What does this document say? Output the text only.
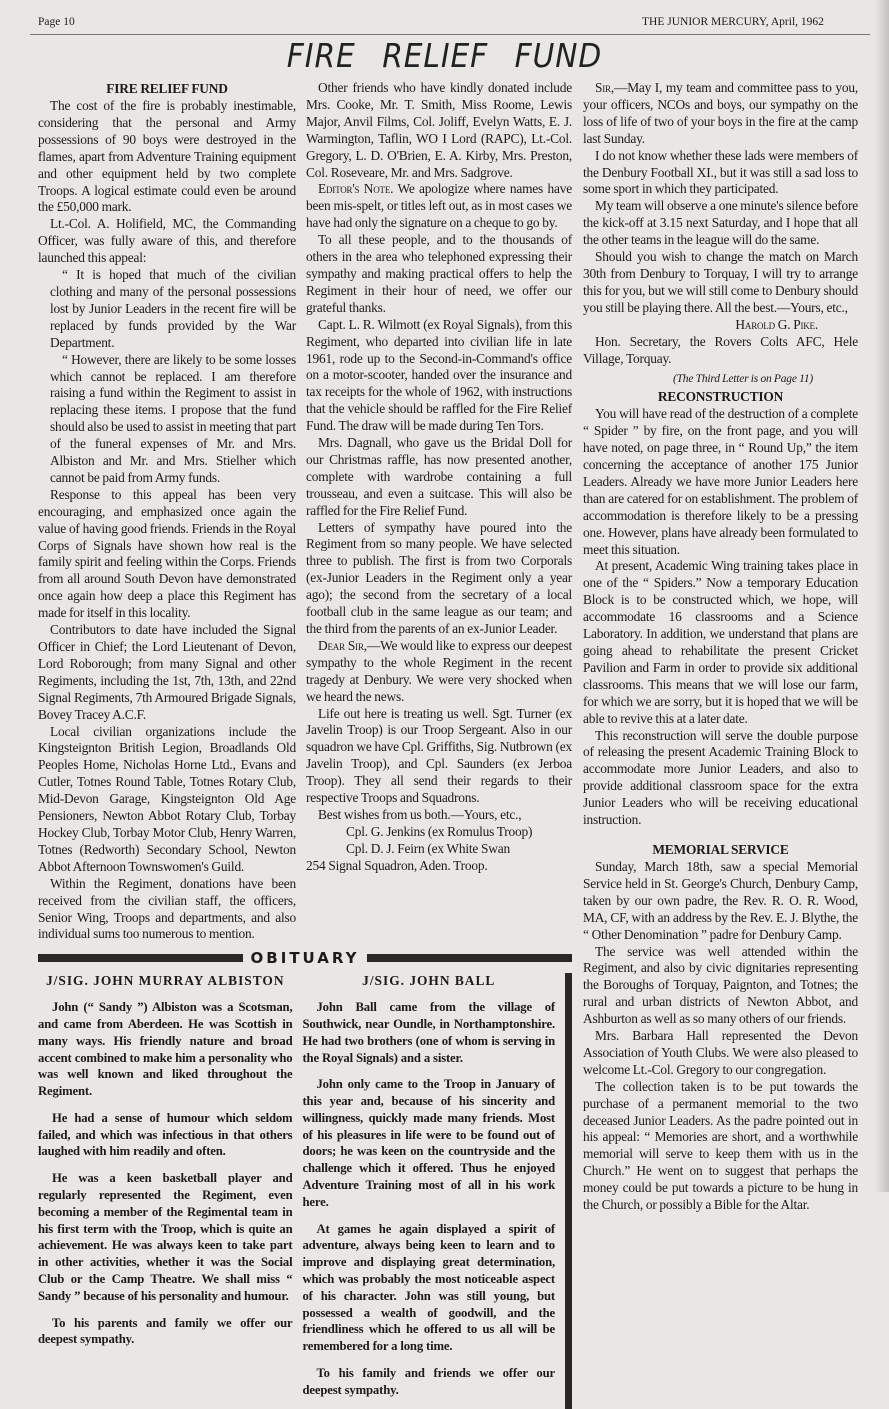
Page 10	THE JUNIOR MERCURY, April, 1962
FIRE RELIEF FUND
FIRE RELIEF FUND

The cost of the fire is probably inestimable, considering that the personal and Army possessions of 90 boys were destroyed in the flames, apart from Adventure Training equipment and other equipment held by two complete Troops. A logical estimate could even be around the £50,000 mark.

Lt.-Col. A. Holifield, MC, the Commanding Officer, was fully aware of this, and therefore launched this appeal:

“ It is hoped that much of the civilian clothing and many of the personal possessions lost by Junior Leaders in the recent fire will be replaced by funds provided by the War Department.

“ However, there are likely to be some losses which cannot be replaced. I am therefore raising a fund within the Regiment to assist in replacing these items. I propose that the fund should also be used to assist in meeting that part of the funeral expenses of Mr. and Mrs. Albiston and Mr. and Mrs. Stielher which cannot be paid from Army funds.

Response to this appeal has been very encouraging, and emphasized once again the value of having good friends. Friends in the Royal Corps of Signals have shown how real is the family spirit and feeling within the Corps. Friends from all around South Devon have demonstrated once again how deep a place this Regiment has made for itself in this locality.

Contributors to date have included the Signal Officer in Chief; the Lord Lieutenant of Devon, Lord Roborough; from many Signal and other Regiments, including the 1st, 7th, 13th, and 22nd Signal Regiments, 7th Armoured Brigade Signals, Bovey Tracey A.C.F.

Local civilian organizations include the Kingsteignton British Legion, Broadlands Old Peoples Home, Nicholas Horne Ltd., Evans and Cutler, Totnes Round Table, Totnes Rotary Club, Mid-Devon Garage, Kingsteignton Old Age Pensioners, Newton Abbot Rotary Club, Torbay Hockey Club, Torbay Motor Club, Henry Warren, Totnes (Redworth) Secondary School, Newton Abbot Afternoon Townswomen's Guild.

Within the Regiment, donations have been received from the civilian staff, the officers, Senior Wing, Troops and departments, and also individual sums too numerous to mention.

Other friends who have kindly donated include Mrs. Cooke, Mr. T. Smith, Miss Roome, Lewis Major, Anvil Films, Col. Joliff, Evelyn Watts, E. J. Warmington, Taflin, WO I Lord (RAPC), Lt.-Col. Gregory, L. D. O'Brien, E. A. Kirby, Mrs. Preston, Col. Roseveare, Mr. and Mrs. Sadgrove.

Editor's Note. We apologize where names have been mis-spelt, or titles left out, as in most cases we have had only the signature on a cheque to go by.

To all these people, and to the thousands of others in the area who telephoned expressing their sympathy and making practical offers to help the Regiment in their hour of need, we offer our grateful thanks.

Capt. L. R. Wilmott (ex Royal Signals), from this Regiment, who departed into civilian life in late 1961, rode up to the Second-in-Command's office on a motor-scooter, handed over the insurance and tax receipts for the whole of 1962, with instructions that the vehicle should be raffled for the Fire Relief Fund. The draw will be made during Ten Tors.

Mrs. Dagnall, who gave us the Bridal Doll for our Christmas raffle, has now presented another, complete with wardrobe containing a full trousseau, and even a suitcase. This will also be raffled for the Fire Relief Fund.

Letters of sympathy have poured into the Regiment from so many people. We have selected three to publish. The first is from two Corporals (ex-Junior Leaders in the Regiment only a year ago); the second from the secretary of a local football club in the same league as our team; and the third from the parents of an ex-Junior Leader.

Dear Sir,—We would like to express our deepest sympathy to the whole Regiment in the recent tragedy at Denbury. We were very shocked when we heard the news.

Life out here is treating us well. Sgt. Turner (ex Javelin Troop) is our Troop Sergeant. Also in our squadron we have Cpl. Griffiths, Sig. Nutbrown (ex Javelin Troop), and Cpl. Saunders (ex Jerboa Troop). They all send their regards to their respective Troops and Squadrons.

Best wishes from us both.—Yours, etc.,

Cpl. G. Jenkins (ex Romulus Troop)

Cpl. D. J. Feirn (ex White Swan

254 Signal Squadron, Aden. Troop.

OBITUARY
J/SIG. JOHN MURRAY ALBISTON

John (“ Sandy ”) Albiston was a Scotsman, and came from Aberdeen. He was Scottish in many ways. His friendly nature and broad accent combined to make him a personality who was well known and liked throughout the Regiment.

He had a sense of humour which seldom failed, and which was infectious in that others laughed with him readily and often.

He was a keen basketball player and regularly represented the Regiment, even becoming a member of the Regimental team in his first term with the Troop, which is quite an achievement. He was always keen to take part in other activities, whether it was the Social Club or the Camp Theatre. We shall miss “ Sandy ” because of his personality and humour.

To his parents and family we offer our deepest sympathy.

J/SIG. JOHN BALL

John Ball came from the village of Southwick, near Oundle, in Northamptonshire. He had two brothers (one of whom is serving in the Royal Signals) and a sister.

John only came to the Troop in January of this year and, because of his sincerity and willingness, quickly made many friends. Most of his pleasures in life were to be found out of doors; he was keen on the countryside and the challenge which it offered. Thus he enjoyed Adventure Training most of all in his work here.

At games he again displayed a spirit of adventure, always being keen to learn and to improve and displaying great determination, which was probably the most noticeable aspect of his character. John was still young, but possessed a wealth of goodwill, and the friendliness which he offered to us all will be remembered for a long time.

To his family and friends we offer our deepest sympathy.

Sir,—May I, my team and committee pass to you, your officers, NCOs and boys, our sympathy on the loss of life of two of your boys in the fire at the camp last Sunday.

I do not know whether these lads were members of the Denbury Football XI., but it was still a sad loss to some sport in which they participated.

My team will observe a one minute's silence before the kick-off at 3.15 next Saturday, and I hope that all the other teams in the league will do the same.

Should you wish to change the match on March 30th from Denbury to Torquay, I will try to arrange this for you, but we will still come to Denbury should you still be playing there. All the best.—Yours, etc.,

Harold G. Pike.

Hon. Secretary, the Rovers Colts AFC, Hele Village, Torquay.

(The Third Letter is on Page 11)

RECONSTRUCTION

You will have read of the destruction of a complete “ Spider ” by fire, on the front page, and you will have noted, on page three, in “ Round Up,” the item concerning the acceptance of another 175 Junior Leaders. Already we have more Junior Leaders here than are catered for on establishment. The problem of accommodation is therefore likely to be a pressing one. However, plans have already been formulated to meet this situation.

At present, Academic Wing training takes place in one of the “ Spiders.” Now a temporary Education Block is to be constructed which, we hope, will accommodate 16 classrooms and a Science Laboratory. In addition, we understand that plans are going ahead to rehabilitate the present Cricket Pavilion and Farm in order to provide six additional classrooms. This means that we will lose our farm, for which we are sorry, but it is hoped that we will be able to revive this at a later date.

This reconstruction will serve the double purpose of releasing the present Academic Training Block to accommodate more Junior Leaders, and also to provide additional classroom space for the extra Junior Leaders who will be receiving educational instruction.

MEMORIAL SERVICE

Sunday, March 18th, saw a special Memorial Service held in St. George's Church, Denbury Camp, taken by our own padre, the Rev. R. O. R. Wood, MA, CF, with an address by the Rev. E. J. Blythe, the “ Other Denomination ” padre for Denbury Camp.

The service was well attended within the Regiment, and also by civic dignitaries representing the Boroughs of Torquay, Paignton, and Totnes; the rural and urban districts of Newton Abbot, and Ashburton as well as so many others of our friends.

Mrs. Barbara Hall represented the Devon Association of Youth Clubs. We were also pleased to welcome Lt.-Col. Gregory to our congregation.

The collection taken is to be put towards the purchase of a permanent memorial to the two deceased Junior Leaders. As the padre pointed out in his appeal: “ Memories are short, and a worthwhile memorial will serve to keep them with us in the Church.” He went on to suggest that perhaps the money could be put towards a picture to be hung in the Church, or possibly a Bible for the Altar.
